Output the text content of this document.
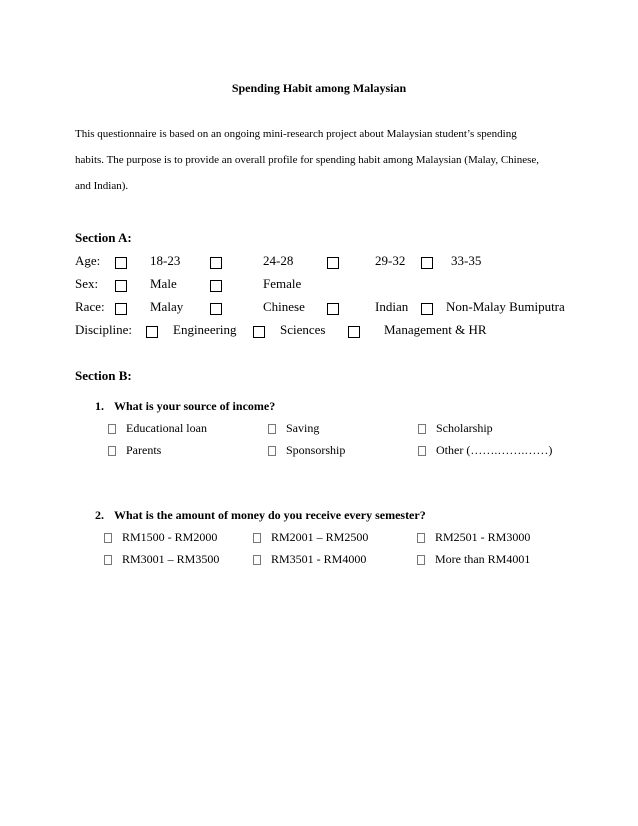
Spending Habit among Malaysian
This questionnaire is based on an ongoing mini-research project about Malaysian student’s spending
habits. The purpose is to provide an overall profile for spending habit among Malaysian (Malay, Chinese,
and Indian).
Section A:
Age:	18-23	24-28	29-32	33-35
Sex:	Male	Female
Race:	Malay	Chinese	Indian	Non-Malay Bumiputra
Discipline:	Engineering	Sciences	Management & HR
Section B:
1. What is your source of income?
Educational loan	Saving	Scholarship
Parents	Sponsorship	Other (…….…….……)
2. What is the amount of money do you receive every semester?
RM1500 - RM2000	RM2001 – RM2500	RM2501 - RM3000
RM3001 – RM3500	RM3501 - RM4000	More than RM4001
